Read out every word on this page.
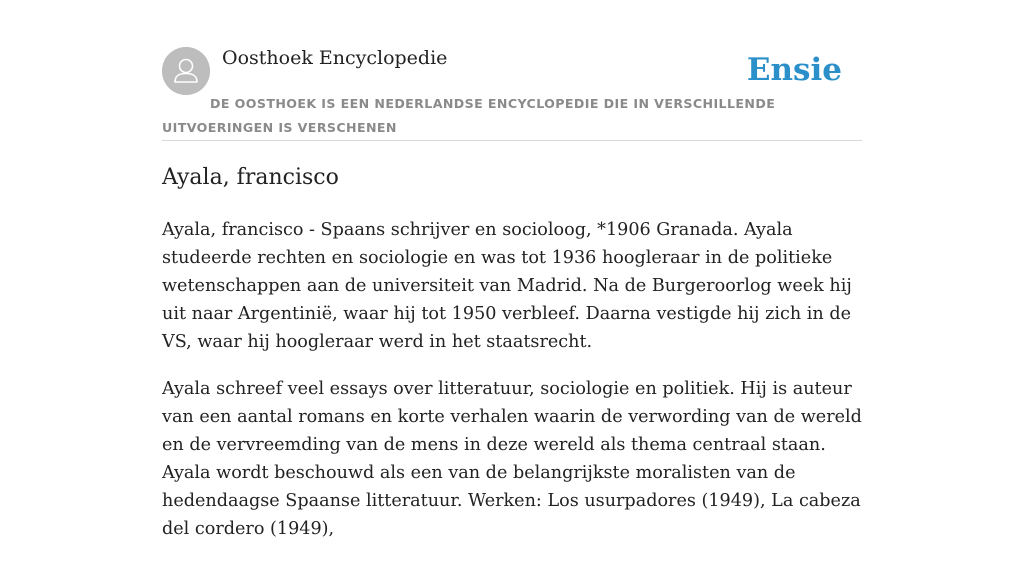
Oosthoek Encyclopedie	Ensie
DE OOSTHOEK IS EEN NEDERLANDSE ENCYCLOPEDIE DIE IN VERSCHILLENDE UITVOERINGEN IS VERSCHENEN
Ayala, francisco

Ayala, francisco - Spaans schrijver en socioloog, *1906 Granada. Ayala studeerde rechten en sociologie en was tot 1936 hoogleraar in de politieke wetenschappen aan de universiteit van Madrid. Na de Burgeroorlog week hij uit naar Argentinië, waar hij tot 1950 verbleef. Daarna vestigde hij zich in de VS, waar hij hoogleraar werd in het staatsrecht.

Ayala schreef veel essays over litteratuur, sociologie en politiek. Hij is auteur van een aantal romans en korte verhalen waarin de verwording van de wereld en de vervreemding van de mens in deze wereld als thema centraal staan. Ayala wordt beschouwd als een van de belangrijkste moralisten van de hedendaagse Spaanse litteratuur. Werken: Los usurpadores (1949), La cabeza del cordero (1949),
